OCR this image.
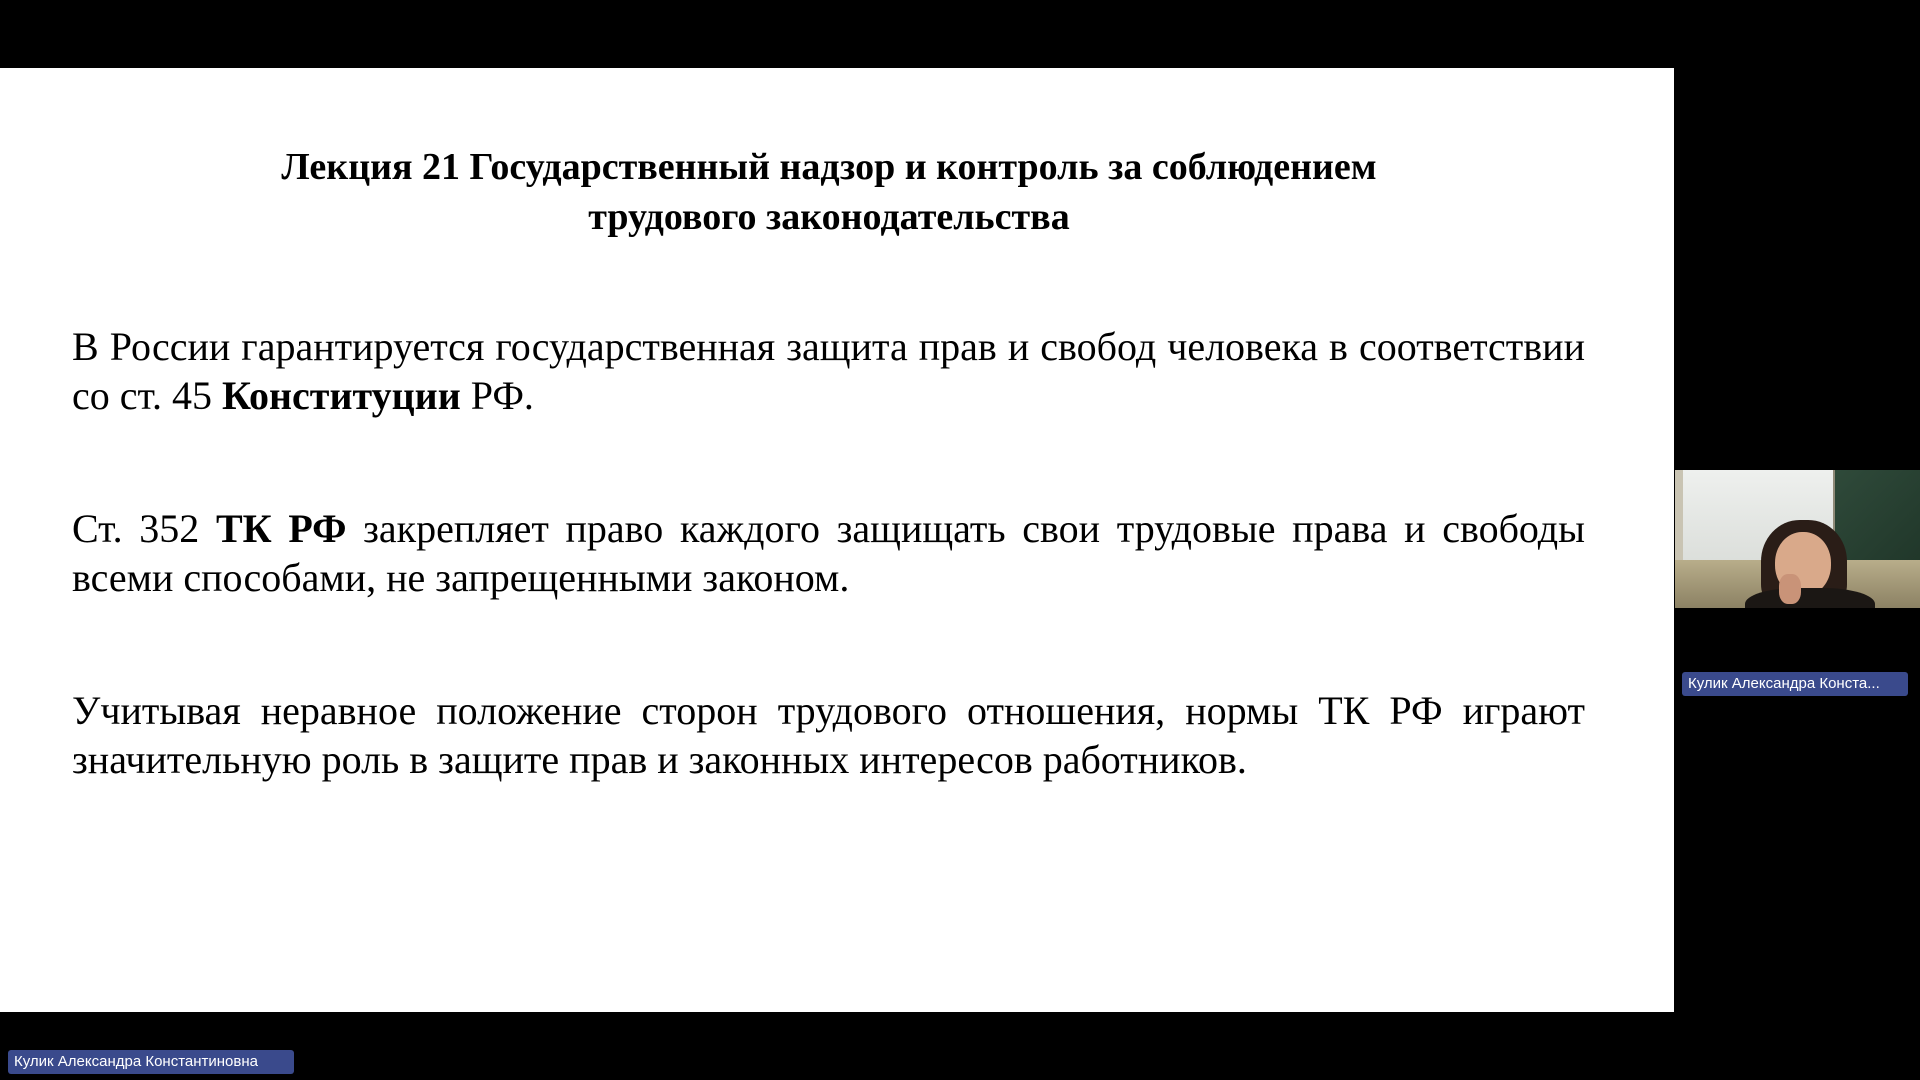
Лекция 21 Государственный надзор и контроль за соблюдением
трудового законодательства
В России гарантируется государственная защита прав и свобод человека в соответствии со ст. 45 Конституции РФ.
Ст. 352 ТК РФ закрепляет право каждого защищать свои трудовые права и свободы всеми способами, не запрещенными законом.
Учитывая неравное положение сторон трудового отношения, нормы ТК РФ играют значительную роль в защите прав и законных интересов работников.
Кулик Александра Конста...
Кулик Александра Константиновна
